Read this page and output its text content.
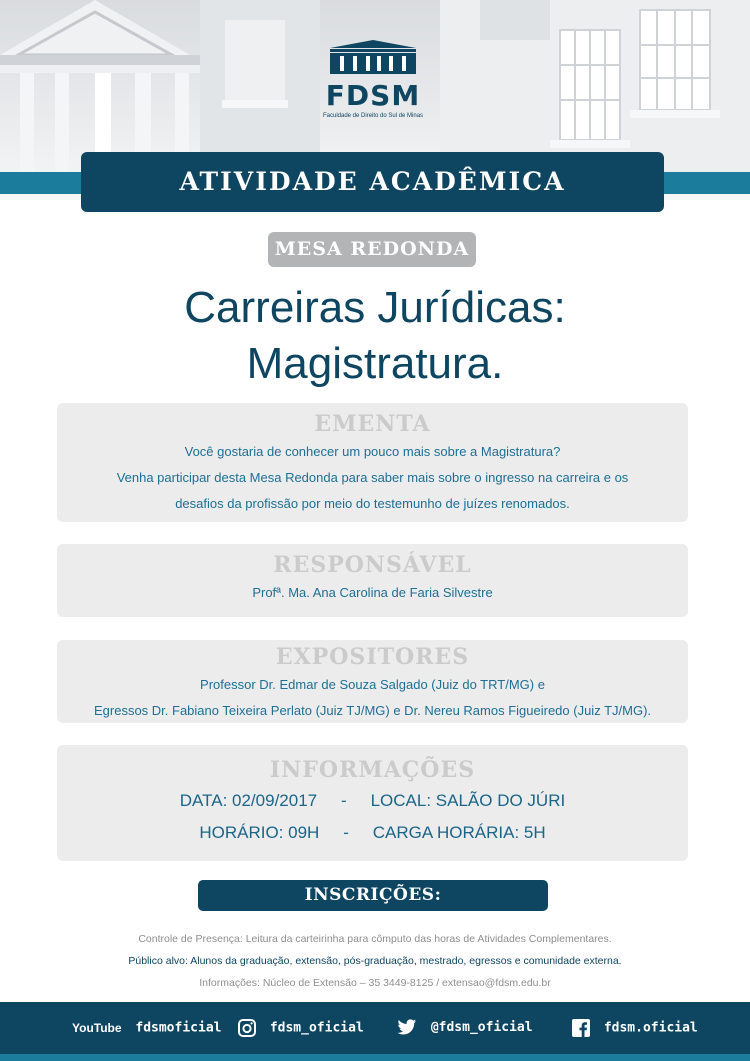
FDSM
Faculdade de Direito do Sul de Minas
ATIVIDADE ACADÊMICA
MESA REDONDA
Carreiras Jurídicas:
Magistratura.
EMENTA

Você gostaria de conhecer um pouco mais sobre a Magistratura?

Venha participar desta Mesa Redonda para saber mais sobre o ingresso na carreira e os

desafios da profissão por meio do testemunho de juízes renomados.

RESPONSÁVEL

Profª. Ma. Ana Carolina de Faria Silvestre

EXPOSITORES

Professor Dr. Edmar de Souza Salgado (Juiz do TRT/MG) e

Egressos Dr. Fabiano Teixeira Perlato (Juiz TJ/MG) e Dr. Nereu Ramos Figueiredo (Juiz TJ/MG).

INFORMAÇÕES
DATA: 02/09/2017 - LOCAL: SALÃO DO JÚRI
HORÁRIO: 09H - CARGA HORÁRIA: 5H
INSCRIÇÕES: WWW.FDSM.EDU.BR
Controle de Presença: Leitura da carteirinha para cômputo das horas de Atividades Complementares.
Público alvo: Alunos da graduação, extensão, pós-graduação, mestrado, egressos e comunidade externa.
Informações: Núcleo de Extensão – 35 3449-8125 / extensao@fdsm.edu.br
YouTube fdsmoficial	fdsm_oficial	@fdsm_oficial	fdsm.oficial
